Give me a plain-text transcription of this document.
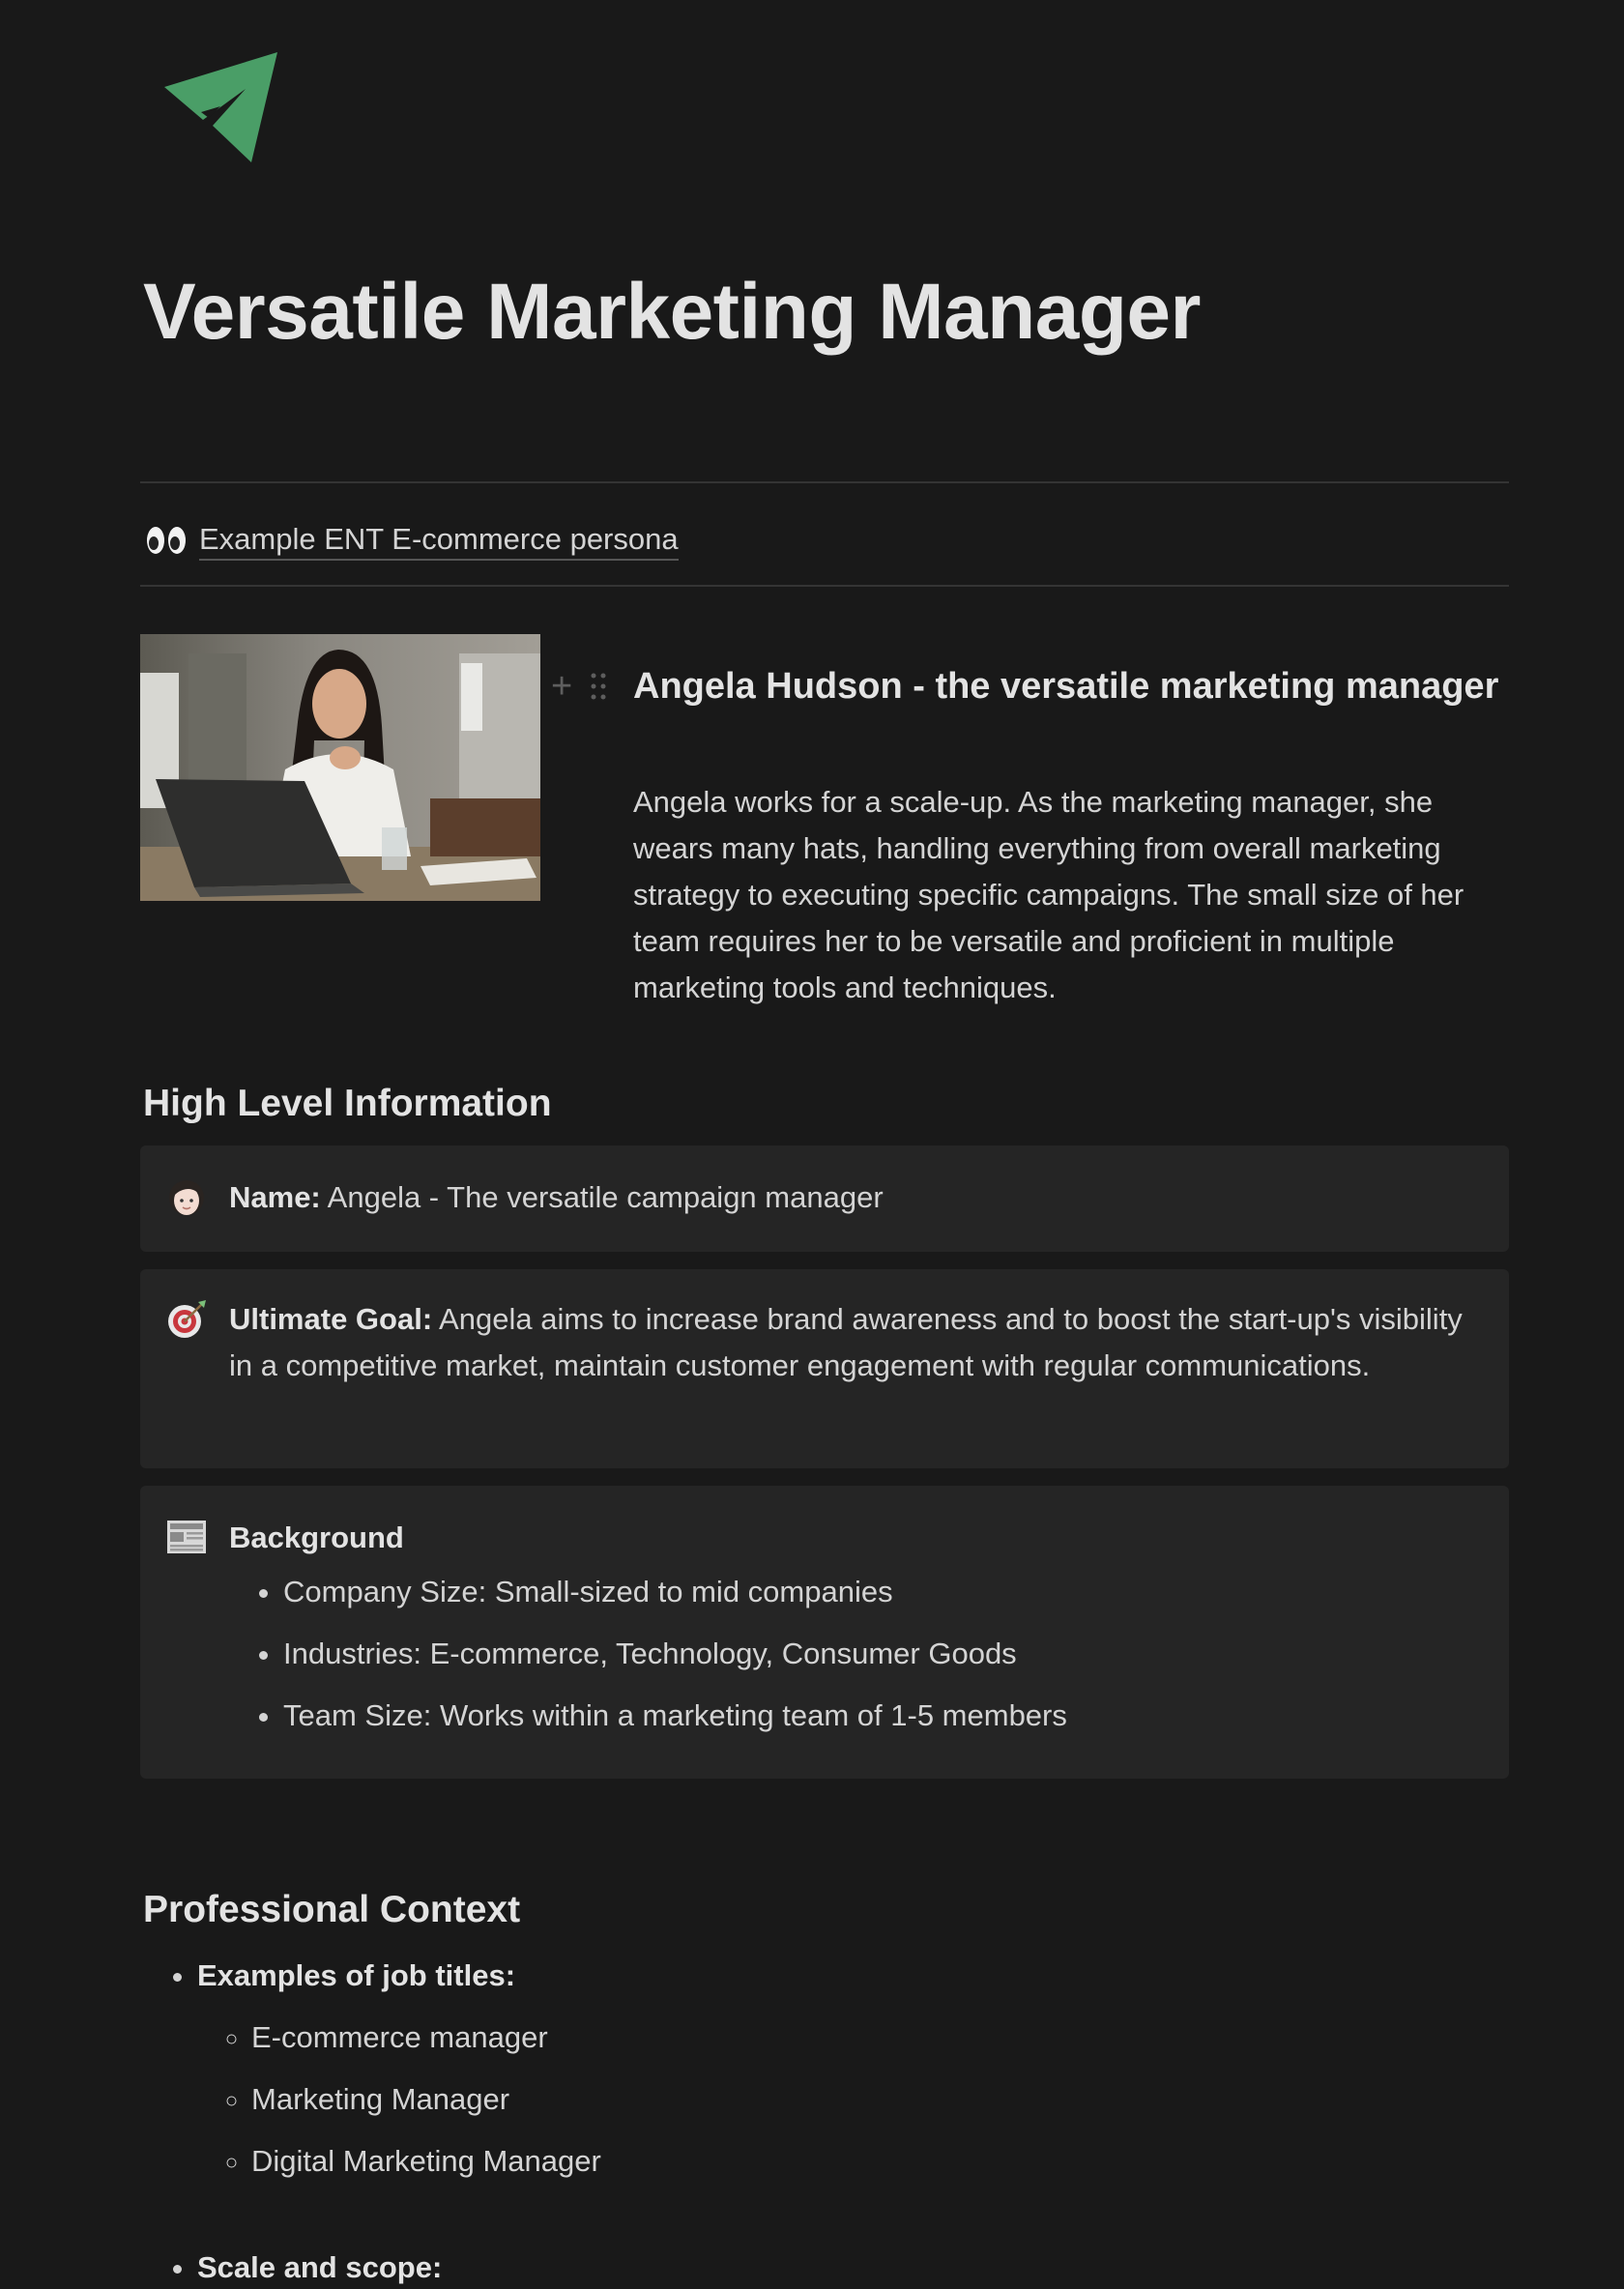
Versatile Marketing Manager
Example ENT E-commerce persona
+ Angela Hudson - the versatile marketing manager
Angela works for a scale-up. As the marketing manager, she wears many hats, handling everything from overall marketing strategy to executing specific campaigns. The small size of her team requires her to be versatile and proficient in multiple marketing tools and techniques.
High Level Information
Name: Angela - The versatile campaign manager
Ultimate Goal: Angela aims to increase brand awareness and to boost the start-up's visibility in a competitive market, maintain customer engagement with regular communications.
Background
• Company Size: Small-sized to mid companies
• Industries: E-commerce, Technology, Consumer Goods
• Team Size: Works within a marketing team of 1-5 members
Professional Context
• Examples of job titles:
◦ E-commerce manager
◦ Marketing Manager
◦ Digital Marketing Manager
• Scale and scope:
